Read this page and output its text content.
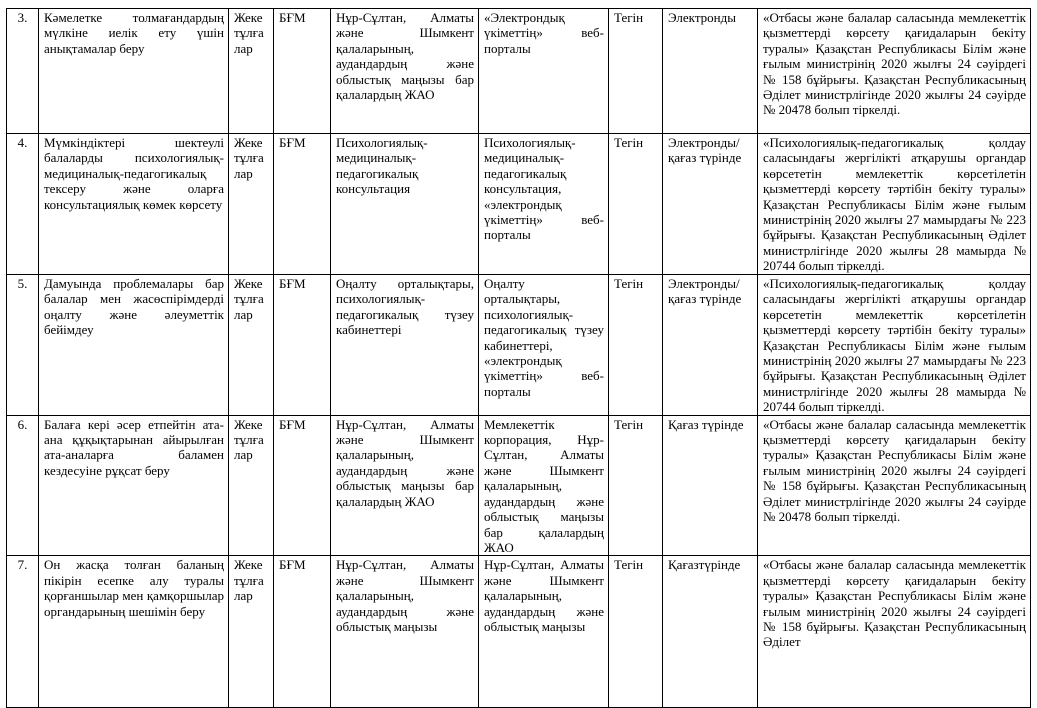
3.	Кәмелетке толмағандардың мүлкіне иелік ету үшін анықтамалар беру	Жеке тұлғалар	БҒМ	Нұр-Сұлтан, Алматы және Шымкент қалаларының, аудандардың және облыстық маңызы бар қалалардың ЖАО	«Электрондық үкіметтің» веб-порталы	Тегін	Электронды	«Отбасы және балалар саласында мемлекеттік қызметтерді көрсету қағидаларын бекіту туралы» Қазақстан Республикасы Білім және ғылым министрінің 2020 жылғы 24 сәуірдегі № 158 бұйрығы. Қазақстан Республикасының Әділет министрлігінде 2020 жылғы 24 сәуірде № 20478 болып тіркелді.
4.	Мүмкіндіктері шектеулі балаларды психологиялық-медициналық-педагогикалық тексеру және оларға консультациялық көмек көрсету	Жеке тұлғалар	БҒМ	Психологиялық-медициналық-педагогикалық консультация	Психологиялық-медициналық-педагогикалық консультация, «электрондық үкіметтің» веб-порталы	Тегін	Электронды/ қағаз түрінде	«Психологиялық-педагогикалық қолдау саласындағы жергілікті атқарушы органдар көрсететін мемлекеттік көрсетілетін қызметтерді көрсету тәртібін бекіту туралы» Қазақстан Республикасы Білім және ғылым министрінің 2020 жылғы 27 мамырдағы № 223 бұйрығы. Қазақстан Республикасының Әділет министрлігінде 2020 жылғы 28 мамырда № 20744 болып тіркелді.
5.	Дамуында проблемалары бар балалар мен жасөспірімдерді оңалту және әлеуметтік бейімдеу	Жеке тұлғалар	БҒМ	Оңалту орталықтары, психологиялық-педагогикалық түзеу кабинеттері	Оңалту орталықтары, психологиялық-педагогикалық түзеу кабинеттері, «электрондық үкіметтің» веб-порталы	Тегін	Электронды/ қағаз түрінде	«Психологиялық-педагогикалық қолдау саласындағы жергілікті атқарушы органдар көрсететін мемлекеттік көрсетілетін қызметтерді көрсету тәртібін бекіту туралы» Қазақстан Республикасы Білім және ғылым министрінің 2020 жылғы 27 мамырдағы № 223 бұйрығы. Қазақстан Республикасының Әділет министрлігінде 2020 жылғы 28 мамырда № 20744 болып тіркелді.
6.	Балаға кері әсер етпейтін ата-ана құқықтарынан айырылған ата-аналарға баламен кездесуіне рұқсат беру	Жеке тұлғалар	БҒМ	Нұр-Сұлтан, Алматы және Шымкент қалаларының, аудандардың және облыстық маңызы бар қалалардың ЖАО	Мемлекеттік корпорация, Нұр-Сұлтан, Алматы және Шымкент қалаларының, аудандардың және облыстық маңызы бар қалалардың ЖАО	Тегін	Қағаз түрінде	«Отбасы және балалар саласында мемлекеттік қызметтерді көрсету қағидаларын бекіту туралы» Қазақстан Республикасы Білім және ғылым министрінің 2020 жылғы 24 сәуірдегі № 158 бұйрығы. Қазақстан Республикасының Әділет министрлігінде 2020 жылғы 24 сәуірде № 20478 болып тіркелді.
7.	Он жасқа толған баланың пікірін есепке алу туралы қорғаншылар мен қамқоршылар органдарының шешімін беру	Жеке тұлғалар	БҒМ	Нұр-Сұлтан, Алматы және Шымкент қалаларының, аудандардың және облыстық маңызы	Нұр-Сұлтан, Алматы және Шымкент қалаларының, аудандардың және облыстық маңызы	Тегін	Қағазтүрінде	«Отбасы және балалар саласында мемлекеттік қызметтерді көрсету қағидаларын бекіту туралы» Қазақстан Республикасы Білім және ғылым министрінің 2020 жылғы 24 сәуірдегі № 158 бұйрығы. Қазақстан Республикасының Әділет
